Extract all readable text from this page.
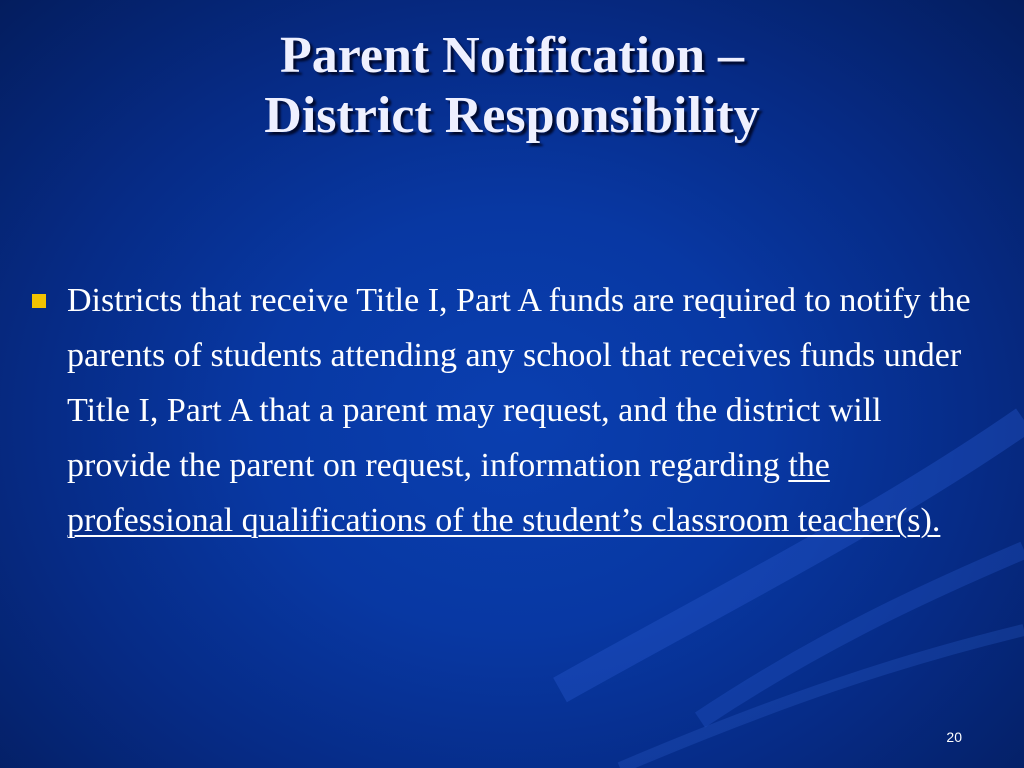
Parent Notification –
District Responsibility
Districts that receive Title I, Part A funds are required to notify the parents of students attending any school that receives funds under Title I, Part A that a parent may request, and the district will provide the parent on request, information regarding the professional qualifications of the student’s classroom teacher(s).
20
